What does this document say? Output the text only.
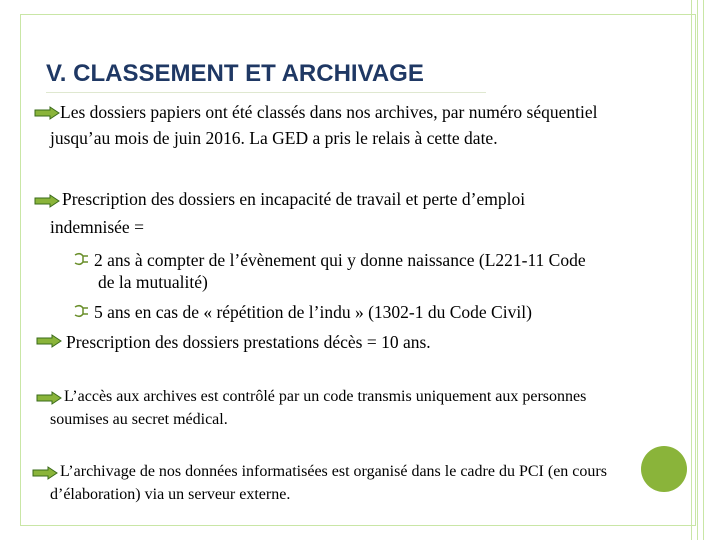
V. CLASSEMENT ET ARCHIVAGE
Les dossiers papiers ont été classés dans nos archives, par numéro séquentiel
jusqu’au mois de juin 2016. La GED a pris le relais à cette date.
Prescription des dossiers en incapacité de travail et perte d’emploi
indemnisée =
2 ans à compter de l’évènement qui y donne naissance (L221-11 Code
de la mutualité)
5 ans en cas de « répétition de l’indu » (1302-1 du Code Civil)
Prescription des dossiers prestations décès = 10 ans.
L’accès aux archives est contrôlé par un code transmis uniquement aux personnes
soumises au secret médical.
L’archivage de nos données informatisées est organisé dans le cadre du PCI (en cours
d’élaboration) via un serveur externe.
